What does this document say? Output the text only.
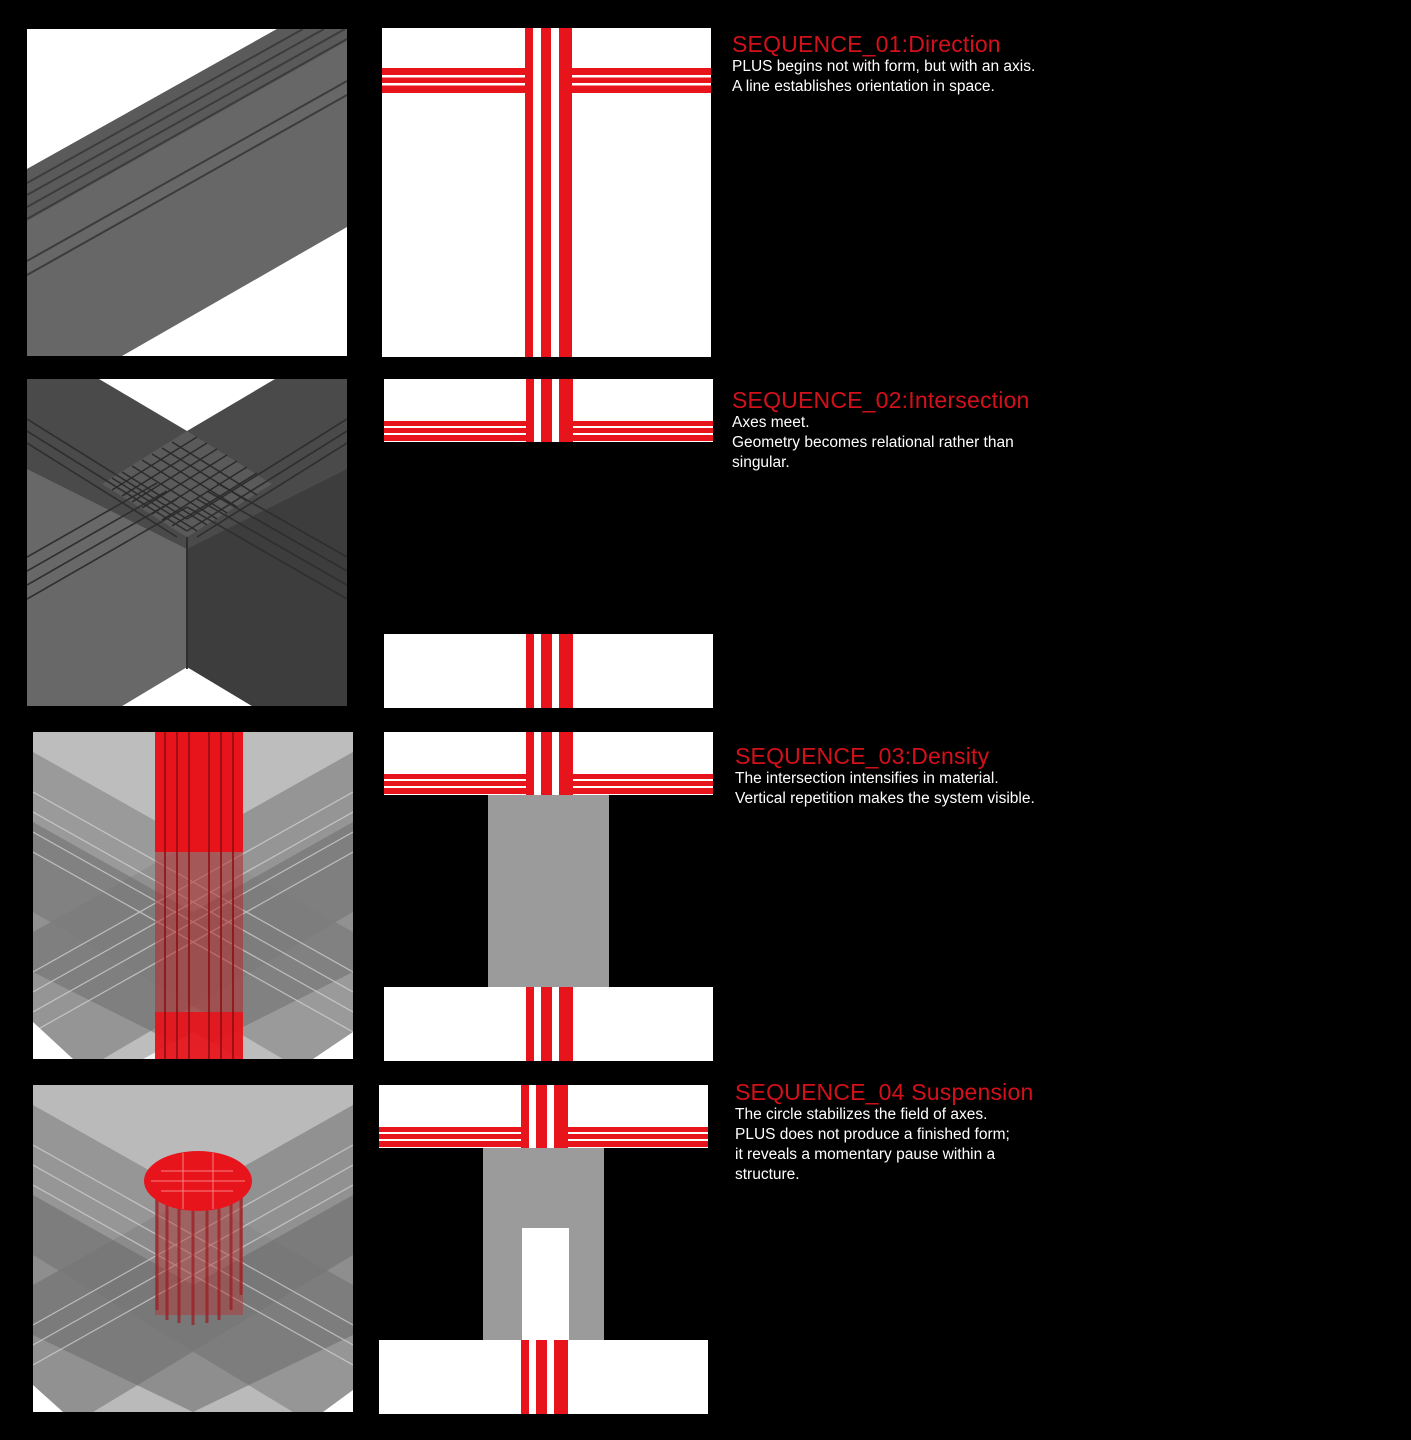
SEQUENCE_01:Direction
PLUS begins not with form, but with an axis.
A line establishes orientation in space.
SEQUENCE_02:Intersection
Axes meet.
Geometry becomes relational rather than
singular.
SEQUENCE_03:Density
The intersection intensifies in material.
Vertical repetition makes the system visible.
SEQUENCE_04 Suspension
The circle stabilizes the field of axes.
PLUS does not produce a finished form;
it reveals a momentary pause within a
structure.
